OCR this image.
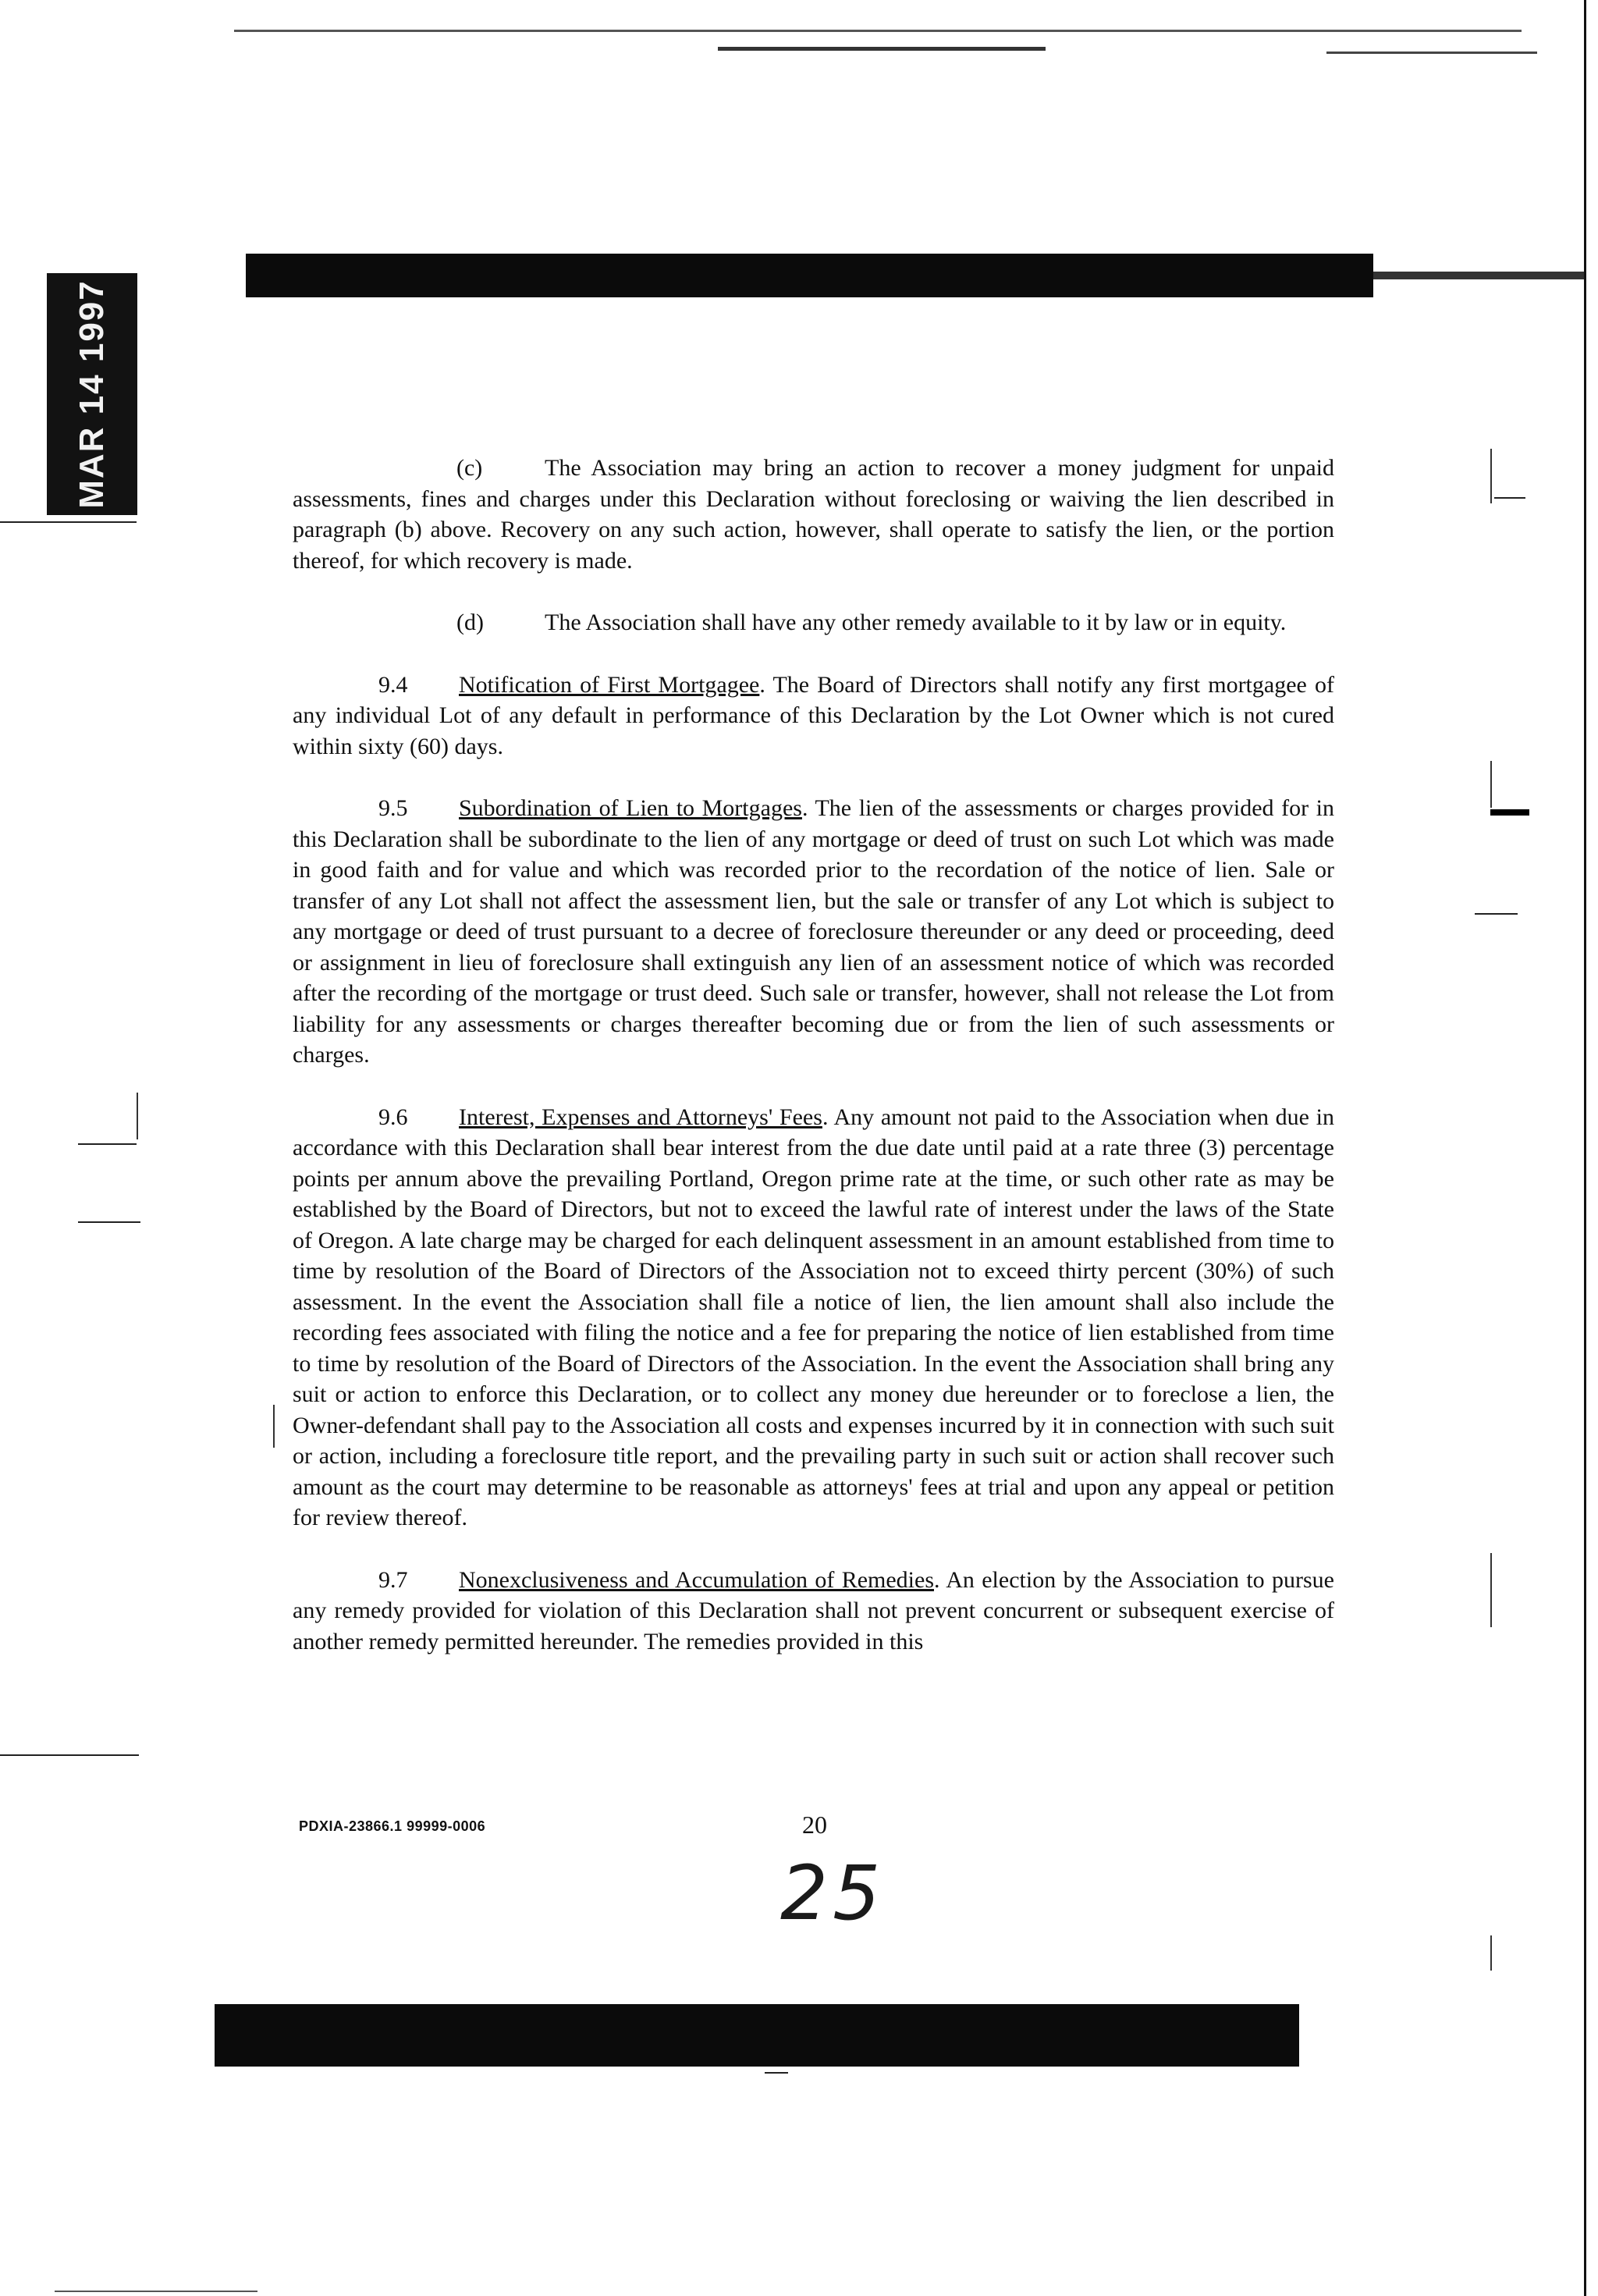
MAR 14 1997	(c)	The Association may bring an action to recover a money judgment for unpaid assessments, fines and charges under this Declaration without foreclosing or waiving the lien described in paragraph (b) above. Recovery on any such action, however, shall operate to satisfy the lien, or the portion thereof, for which recovery is made.

(d)	The Association shall have any other remedy available to it by law or in equity.

9.4 Notification of First Mortgagee. The Board of Directors shall notify any first mortgagee of any individual Lot of any default in performance of this Declaration by the Lot Owner which is not cured within sixty (60) days.

9.5 Subordination of Lien to Mortgages. The lien of the assessments or charges provided for in this Declaration shall be subordinate to the lien of any mortgage or deed of trust on such Lot which was made in good faith and for value and which was recorded prior to the recordation of the notice of lien. Sale or transfer of any Lot shall not affect the assessment lien, but the sale or transfer of any Lot which is subject to any mortgage or deed of trust pursuant to a decree of foreclosure thereunder or any deed or proceeding, deed or assignment in lieu of foreclosure shall extinguish any lien of an assessment notice of which was recorded after the recording of the mortgage or trust deed. Such sale or transfer, however, shall not release the Lot from liability for any assessments or charges thereafter becoming due or from the lien of such assessments or charges.

9.6 Interest, Expenses and Attorneys' Fees. Any amount not paid to the Association when due in accordance with this Declaration shall bear interest from the due date until paid at a rate three (3) percentage points per annum above the prevailing Portland, Oregon prime rate at the time, or such other rate as may be established by the Board of Directors, but not to exceed the lawful rate of interest under the laws of the State of Oregon. A late charge may be charged for each delinquent assessment in an amount established from time to time by resolution of the Board of Directors of the Association not to exceed thirty percent (30%) of such assessment. In the event the Association shall file a notice of lien, the lien amount shall also include the recording fees associated with filing the notice and a fee for preparing the notice of lien established from time to time by resolution of the Board of Directors of the Association. In the event the Association shall bring any suit or action to enforce this Declaration, or to collect any money due hereunder or to foreclose a lien, the Owner-defendant shall pay to the Association all costs and expenses incurred by it in connection with such suit or action, including a foreclosure title report, and the prevailing party in such suit or action shall recover such amount as the court may determine to be reasonable as attorneys' fees at trial and upon any appeal or petition for review thereof.

9.7 Nonexclusiveness and Accumulation of Remedies. An election by the Association to pursue any remedy provided for violation of this Declaration shall not prevent concurrent or subsequent exercise of another remedy permitted hereunder. The remedies provided in this

PDXIA-23866.1 99999-0006	20
25
